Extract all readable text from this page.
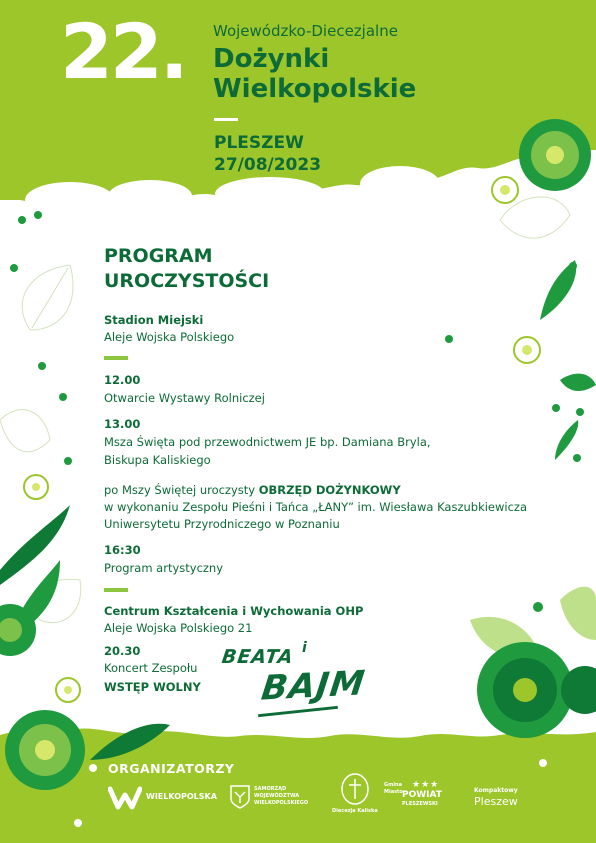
22. Wojewódzko-Diecezjalne
Dożynki
Wielkopolskie
PLESZEW
27/08/2023
PROGRAM
UROCZYSTOŚCI
Stadion Miejski
Aleje Wojska Polskiego
12.00
Otwarcie Wystawy Rolniczej
13.00
Msza Święta pod przewodnictwem JE bp. Damiana Bryla,
Biskupa Kaliskiego
po Mszy Świętej uroczysty OBRZĘD DOŻYNKOWY
w wykonaniu Zespołu Pieśni i Tańca „ŁANY” im. Wiesława Kaszubkiewicza
Uniwersytetu Przyrodniczego w Poznaniu
16:30
Program artystyczny
Centrum Kształcenia i Wychowania OHP
Aleje Wojska Polskiego 21
20.30
Koncert Zespołu
WSTĘP WOLNY
BEATA i
BAJM
ORGANIZATORZY
WIELKOPOLSKA
SAMORZĄD
WOJEWÓDZTWA
WIELKOPOLSKIEGO
Diecezja Kaliska
Gmina
Miasto
★★★
POWIAT
PLESZEWSKI
Kompaktowy
Pleszew
